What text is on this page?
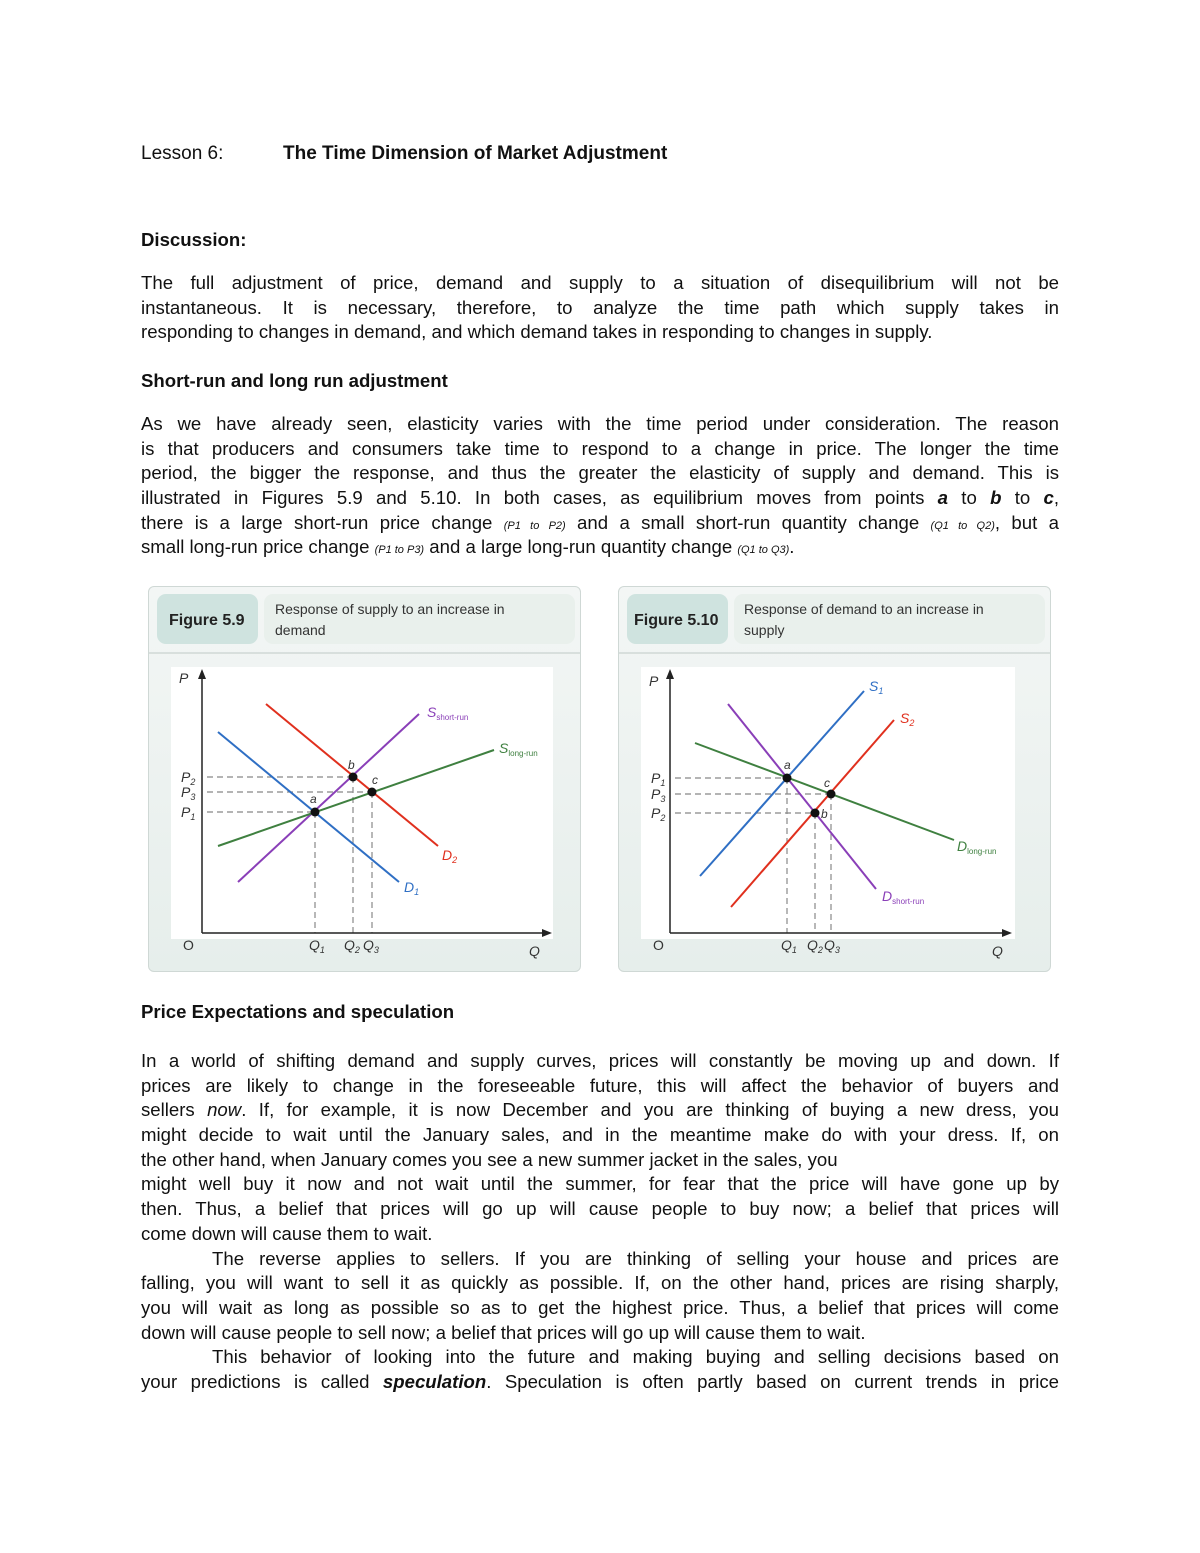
Lesson 6:	The Time Dimension of Market Adjustment
Discussion:
The full adjustment of price, demand and supply to a situation of disequilibrium will not be
instantaneous. It is necessary, therefore, to analyze the time path which supply takes in
responding to changes in demand, and which demand takes in responding to changes in supply.
Short-run and long run adjustment
As we have already seen, elasticity varies with the time period under consideration. The reason
is that producers and consumers take time to respond to a change in price. The longer the time
period, the bigger the response, and thus the greater the elasticity of supply and demand. This is
illustrated in Figures 5.9 and 5.10. In both cases, as equilibrium moves from points a to b to c,
there is a large short-run price change (P1 to P2) and a small short-run quantity change (Q1 to Q2), but a
small long-run price change (P1 to P3) and a large long-run quantity change (Q1 to Q3).
Figure 5.9
Response of supply to an increase in
demand
P
$P_2$
$P_3$
$P_1$
$Q_1$ $Q_2$ $Q_3$	Q
a
b
c
$S_{short-run}$
$S_{long-run}$
$D_2$
$D_1$
O
Figure 5.10
Response of demand to an increase in
supply
P
$P_1$
$P_3$
$P_2$
$Q_1$ $Q_2$ $Q_3$	Q
a
b
c
$S_1$
$S_2$
$D_{long-run}$
$D_{short-run}$
O
Price Expectations and speculation
In a world of shifting demand and supply curves, prices will constantly be moving up and down. If
prices are likely to change in the foreseeable future, this will affect the behavior of buyers and
sellers now. If, for example, it is now December and you are thinking of buying a new dress, you
might decide to wait until the January sales, and in the meantime make do with your dress. If, on
the other hand, when January comes you see a new summer jacket in the sales, you
might well buy it now and not wait until the summer, for fear that the price will have gone up by
then. Thus, a belief that prices will go up will cause people to buy now; a belief that prices will
come down will cause them to wait.
The reverse applies to sellers. If you are thinking of selling your house and prices are
falling, you will want to sell it as quickly as possible. If, on the other hand, prices are rising sharply,
you will wait as long as possible so as to get the highest price. Thus, a belief that prices will come
down will cause people to sell now; a belief that prices will go up will cause them to wait.
This behavior of looking into the future and making buying and selling decisions based on
your predictions is called speculation. Speculation is often partly based on current trends in price
